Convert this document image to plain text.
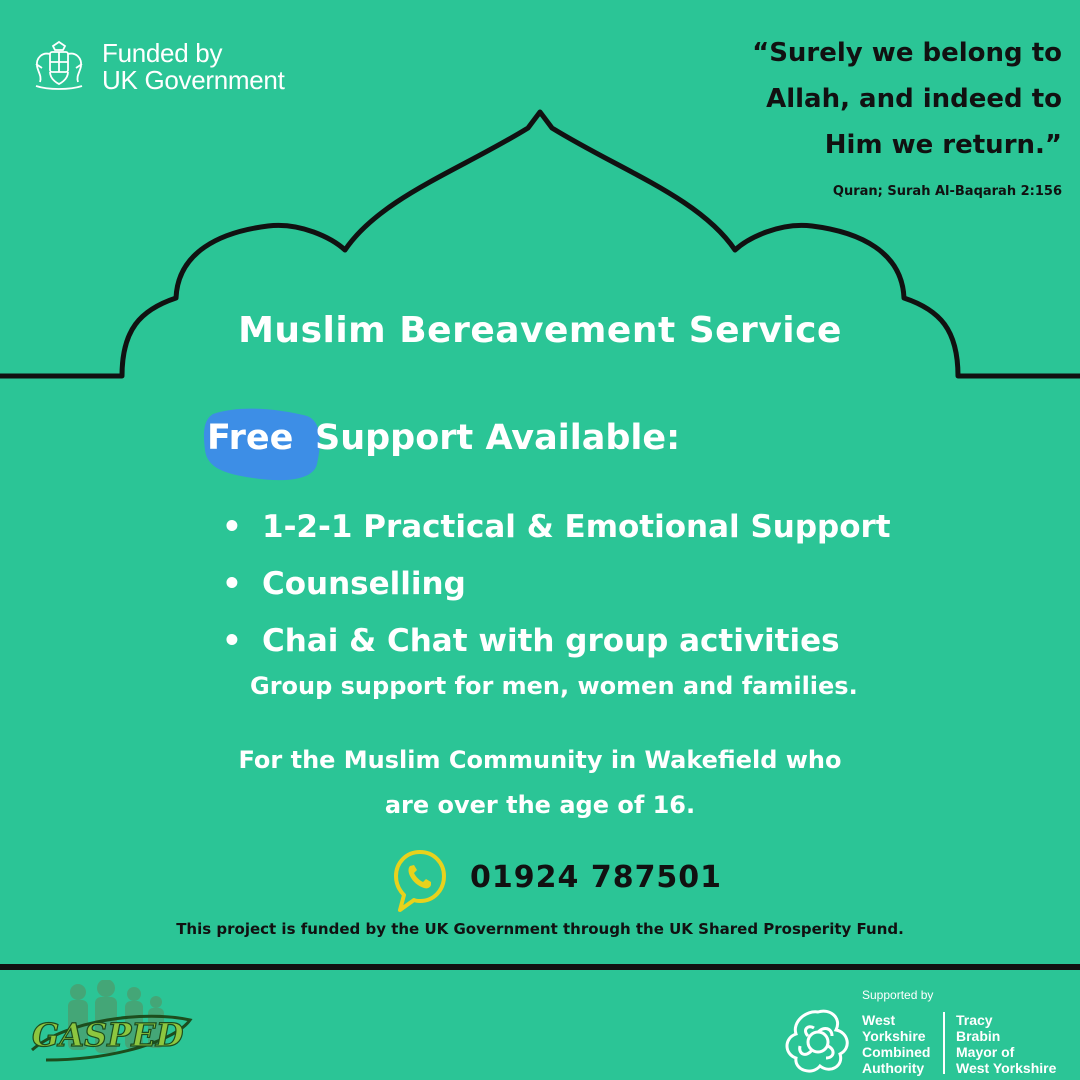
Funded by
UK Government
“Surely we belong to
Allah, and indeed to
Him we return.”
Quran; Surah Al-Baqarah 2:156
Muslim Bereavement Service
Free Support Available:
• 1-2-1 Practical & Emotional Support
• Counselling
• Chai & Chat with group activities
Group support for men, women and families.
For the Muslim Community in Wakefield who
are over the age of 16.
01924 787501
This project is funded by the UK Government through the UK Shared Prosperity Fund.
GASPED
Supported by
West
Yorkshire
Combined
Authority
Tracy
Brabin
Mayor of
West Yorkshire
